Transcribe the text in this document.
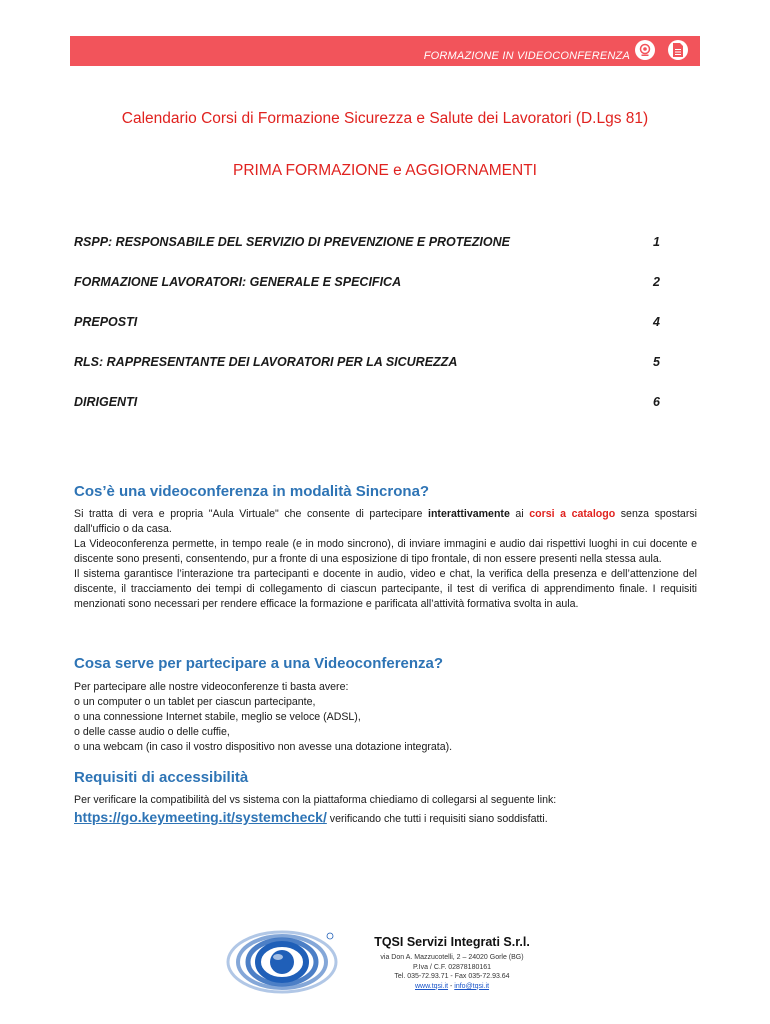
FORMAZIONE IN VIDEOCONFERENZA
Calendario Corsi di Formazione Sicurezza e Salute dei Lavoratori (D.Lgs 81)
PRIMA FORMAZIONE e AGGIORNAMENTI
RSPP: RESPONSABILE DEL SERVIZIO DI PREVENZIONE E PROTEZIONE	1
FORMAZIONE LAVORATORI: GENERALE E SPECIFICA	2
PREPOSTI	4
RLS: RAPPRESENTANTE DEI LAVORATORI PER LA SICUREZZA	5
DIRIGENTI	6
Cos’è una videoconferenza in modalità Sincrona?

Si tratta di vera e propria "Aula Virtuale" che consente di partecipare interattivamente ai corsi a catalogo senza spostarsi dall'ufficio o da casa.

La Videoconferenza permette, in tempo reale (e in modo sincrono), di inviare immagini e audio dai rispettivi luoghi in cui docente e discente sono presenti, consentendo, pur a fronte di una esposizione di tipo frontale, di non essere presenti nella stessa aula.

Il sistema garantisce l’interazione tra partecipanti e docente in audio, video e chat, la verifica della presenza e dell’attenzione del discente, il tracciamento dei tempi di collegamento di ciascun partecipante, il test di verifica di apprendimento finale. I requisiti menzionati sono necessari per rendere efficace la formazione e parificata all’attività formativa svolta in aula.

Cosa serve per partecipare a una Videoconferenza?

Per partecipare alle nostre videoconferenze ti basta avere:

o un computer o un tablet per ciascun partecipante,

o una connessione Internet stabile, meglio se veloce (ADSL),

o delle casse audio o delle cuffie,

o una webcam (in caso il vostro dispositivo non avesse una dotazione integrata).

Requisiti di accessibilità

Per verificare la compatibilità del vs sistema con la piattaforma chiediamo di collegarsi al seguente link:

https://go.keymeeting.it/systemcheck/ verificando che tutti i requisiti siano soddisfatti.

TQSI Servizi Integrati S.r.l.
via Don A. Mazzucotelli, 2 – 24020 Gorle (BG)
P.Iva / C.F. 02878180161
Tel. 035-72.93.71 - Fax 035-72.93.64
www.tqsi.it - info@tqsi.it
